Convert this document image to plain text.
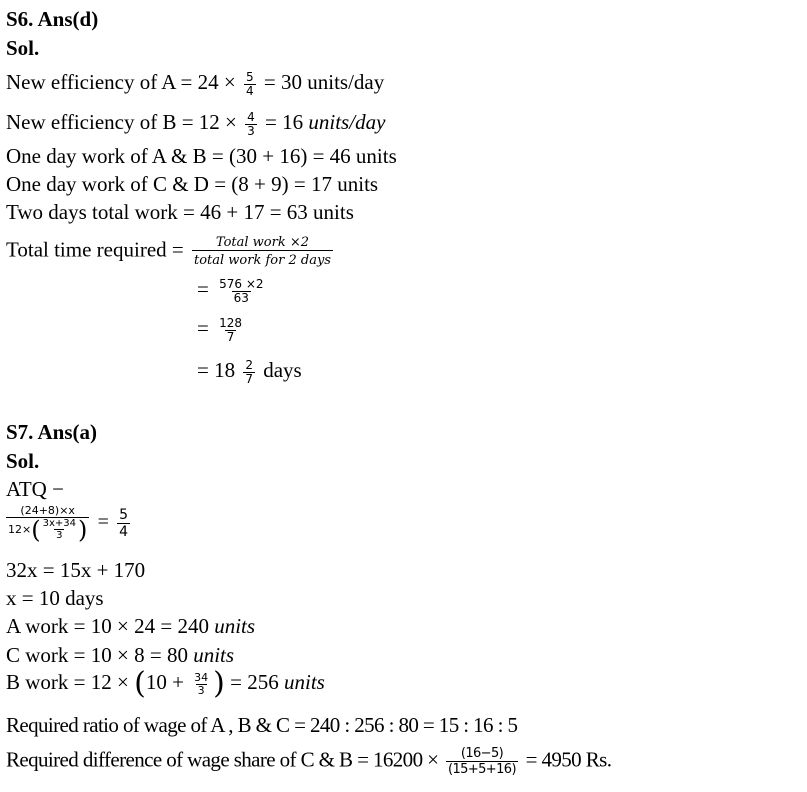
S6. Ans(d)
Sol.
New efficiency of $A = 24 \times \frac{5}{4} = 30$ units/day
New efficiency of $B = 12 \times \frac{4}{3} = 16$ units/day
One day work of A & B = (30 + 16) = 46 units
One day work of C & D = (8 + 9) = 17 units
Two days total work = 46 + 17 = 63 units
Total time required = $\frac{\text{Total work ×2}}{\text{total work for 2 days}}$
= $\frac{576 \times 2}{63}$
= $\frac{128}{7}$
= $18 \frac{2}{7}$ days
S7. Ans(a)
Sol.
ATQ −
$\frac{(24+8)\times x}{12\times ( \frac{3x+34}{3} )} = \frac{5}{4}$
32x = 15x + 170
x = 10 days
A work = 10 × 24 = 240 units
C work = 10 × 8 = 80 units
B work = $12 \times (10 + \frac{34}{3}$ ) = 256 units
Required ratio of wage of A , B & C = 240 : 256 : 80 = 15 : 16 : 5
Required difference of wage share of C & $B = 16200 \times \frac{(16-5)}{(15+5+16)} = 4950$ Rs.
